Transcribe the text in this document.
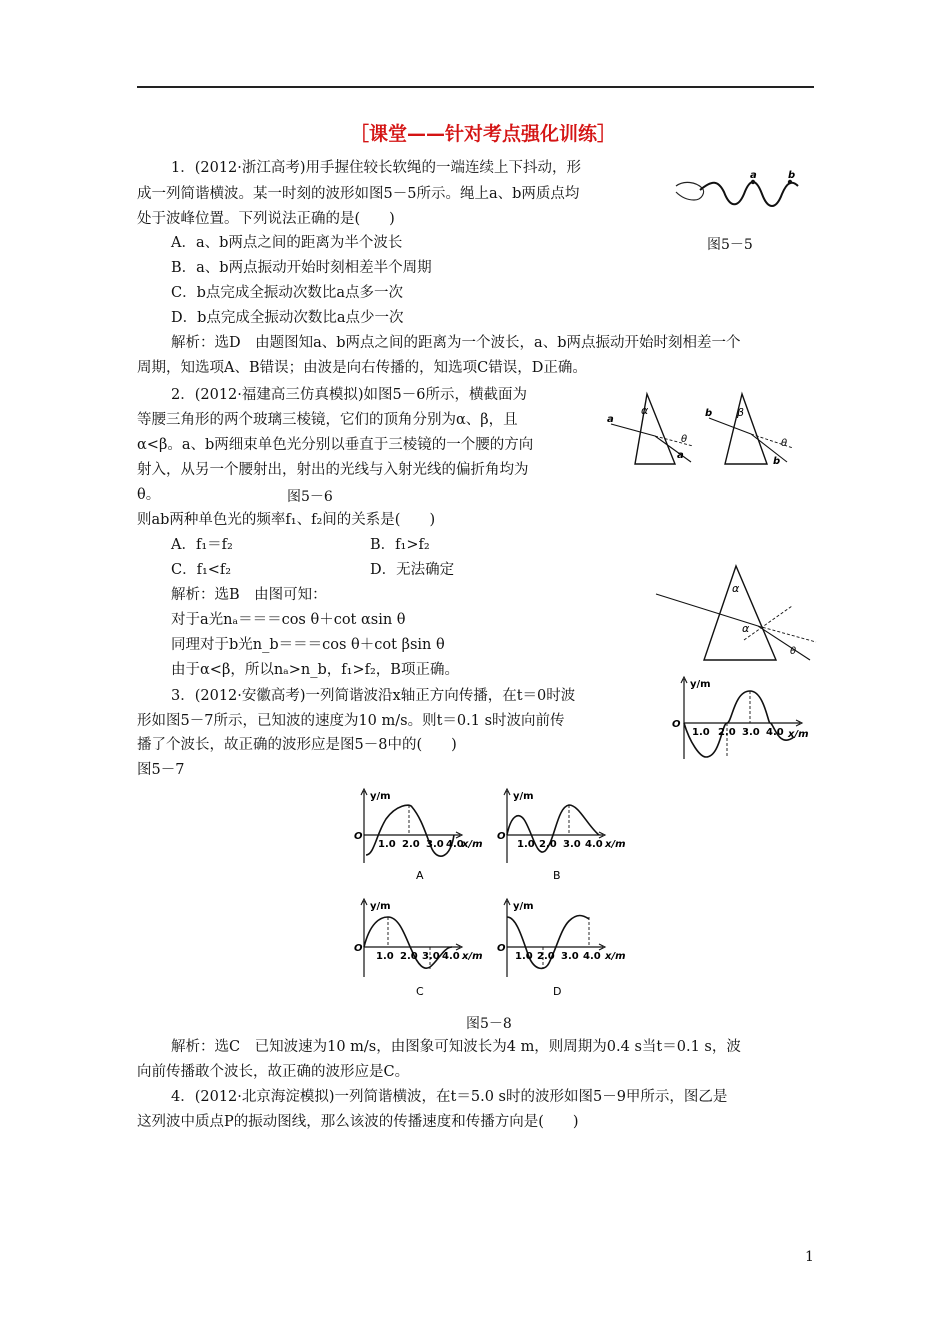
［课堂——针对考点强化训练］
1．(2012·浙江高考)用手握住较长软绳的一端连续上下抖动，形
成一列简谐横波。某一时刻的波形如图5－5所示。绳上a、b两质点均
处于波峰位置。下列说法正确的是(　　)
A．a、b两点之间的距离为半个波长
B．a、b两点振动开始时刻相差半个周期
C．b点完成全振动次数比a点多一次
D．b点完成全振动次数比a点少一次
图5－5
解析：选D　由题图知a、b两点之间的距离为一个波长，a、b两点振动开始时刻相差一个
周期，知选项A、B错误；由波是向右传播的，知选项C错误，D正确。
a	b
2．(2012·福建高三仿真模拟)如图5－6所示，横截面为
等腰三角形的两个玻璃三棱镜，它们的顶角分别为α、β，且
α<β。a、b两细束单色光分别以垂直于三棱镜的一个腰的方向
射入，从另一个腰射出，射出的光线与入射光线的偏折角均为
θ。	图5－6
则ab两种单色光的频率f₁、f₂间的关系是(　　)
A．f₁＝f₂	B．f₁>f₂
C．f₁<f₂	D．无法确定
解析：选B　由图可知：
对于a光nₐ＝＝＝cos θ＋cot αsin θ
同理对于b光n_b＝＝＝cos θ＋cot βsin θ
由于α<β，所以nₐ>n_b，f₁>f₂，B项正确。
α
θ
a
a
β
θ
b
b
α
α
θ
3．(2012·安徽高考)一列简谐波沿x轴正方向传播，在t＝0时波
形如图5－7所示，已知波的速度为10 m/s。则t＝0.1 s时波向前传
播了个波长，故正确的波形应是图5－8中的(　　)
图5－7
y/m
x/m
O
1.0 2.0 3.0 4.0
y/m
x/m
O
1.0 2.0 3.0 4.0
A
y/m
x/m
O
1.0 2.0 3.0 4.0
B
y/m
x/m
O
1.0 2.0 3.0 4.0
C
y/m
x/m
O
1.0 2.0 3.0 4.0
D
图5－8
解析：选C　已知波速为10 m/s，由图象可知波长为4 m，则周期为0.4 s当t＝0.1 s，波
向前传播敢个波长，故正确的波形应是C。
4．(2012·北京海淀模拟)一列简谐横波，在t＝5.0 s时的波形如图5－9甲所示，图乙是
这列波中质点P的振动图线，那么该波的传播速度和传播方向是(　　)
1
